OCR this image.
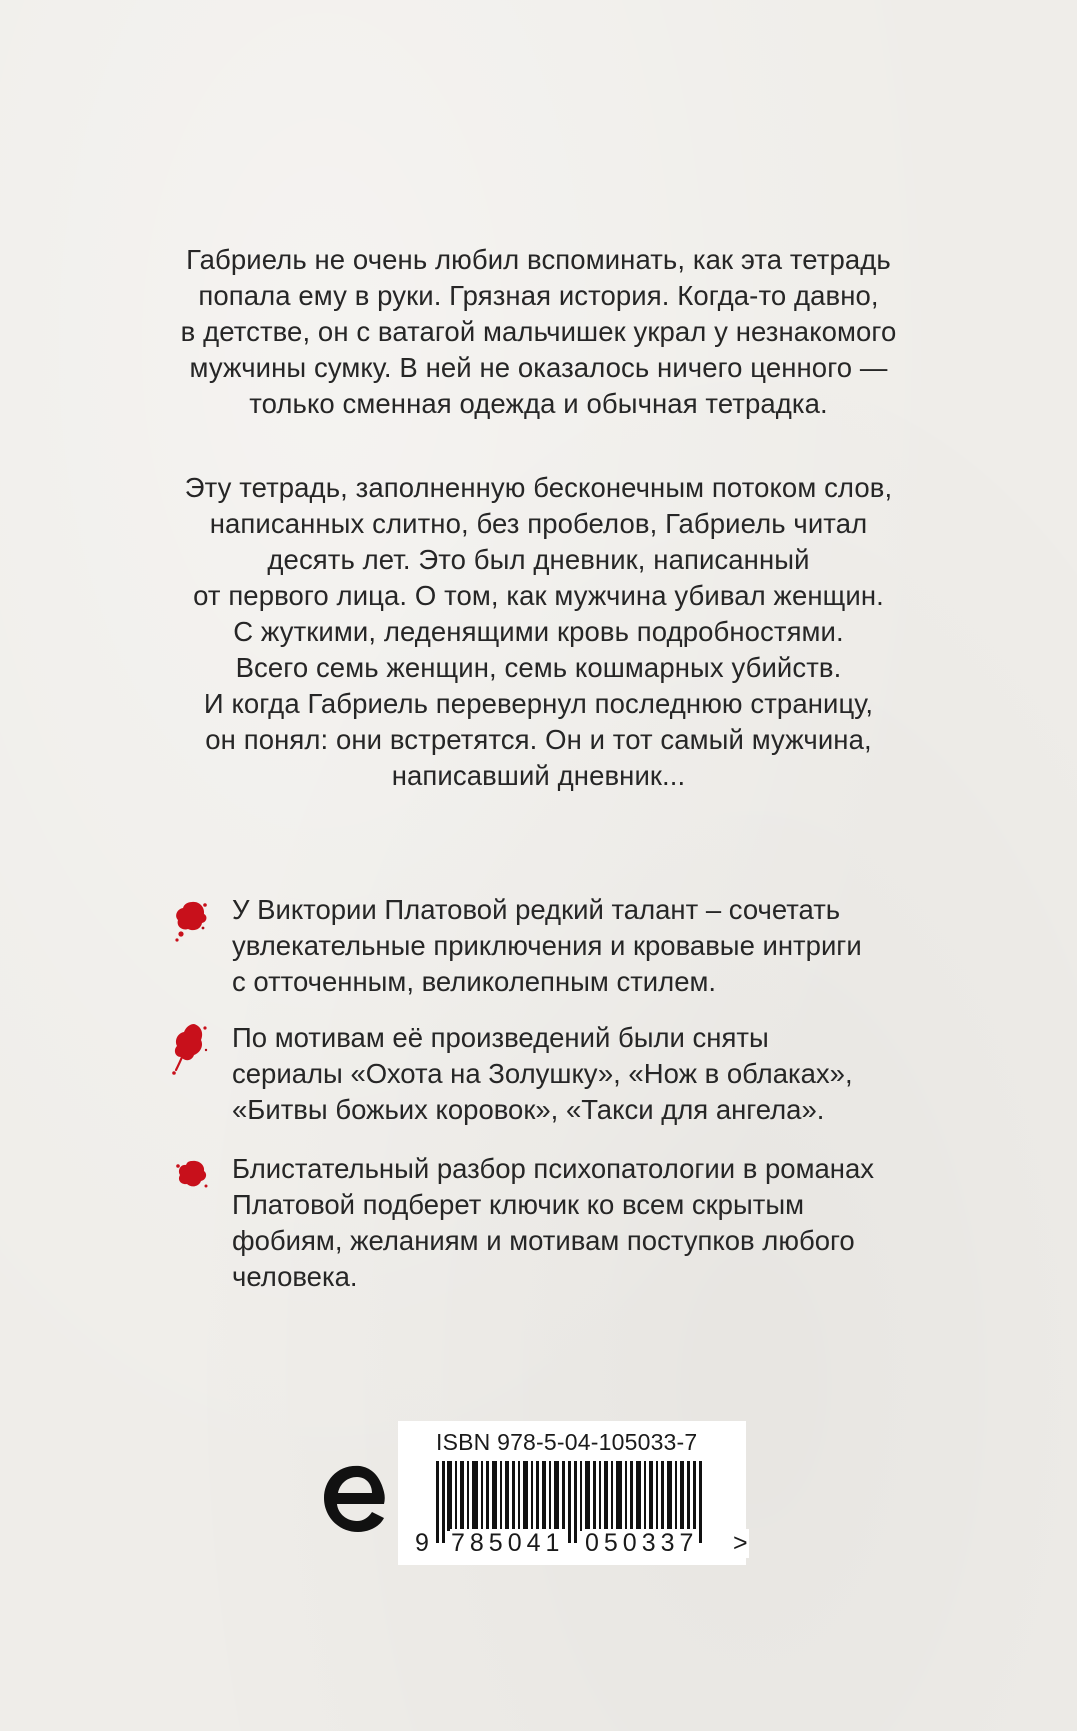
Габриель не очень любил вспоминать, как эта тетрадь
попала ему в руки. Грязная история. Когда-то давно,
в детстве, он с ватагой мальчишек украл у незнакомого
мужчины сумку. В ней не оказалось ничего ценного —
только сменная одежда и обычная тетрадка.
Эту тетрадь, заполненную бесконечным потоком слов,
написанных слитно, без пробелов, Габриель читал
десять лет. Это был дневник, написанный
от первого лица. О том, как мужчина убивал женщин.
С жуткими, леденящими кровь подробностями.
Всего семь женщин, семь кошмарных убийств.
И когда Габриель перевернул последнюю страницу,
он понял: они встретятся. Он и тот самый мужчина,
написавший дневник...
У Виктории Платовой редкий талант – сочетать
увлекательные приключения и кровавые интриги
с отточенным, великолепным стилем.
По мотивам её произведений были сняты
сериалы «Охота на Золушку», «Нож в облаках»,
«Битвы божьих коровок», «Такси для ангела».
Блистательный разбор психопатологии в романах
Платовой подберет ключик ко всем скрытым
фобиям, желаниям и мотивам поступков любого
человека.
ISBN 978-5-04-105033-7
9 785041 050337 >
